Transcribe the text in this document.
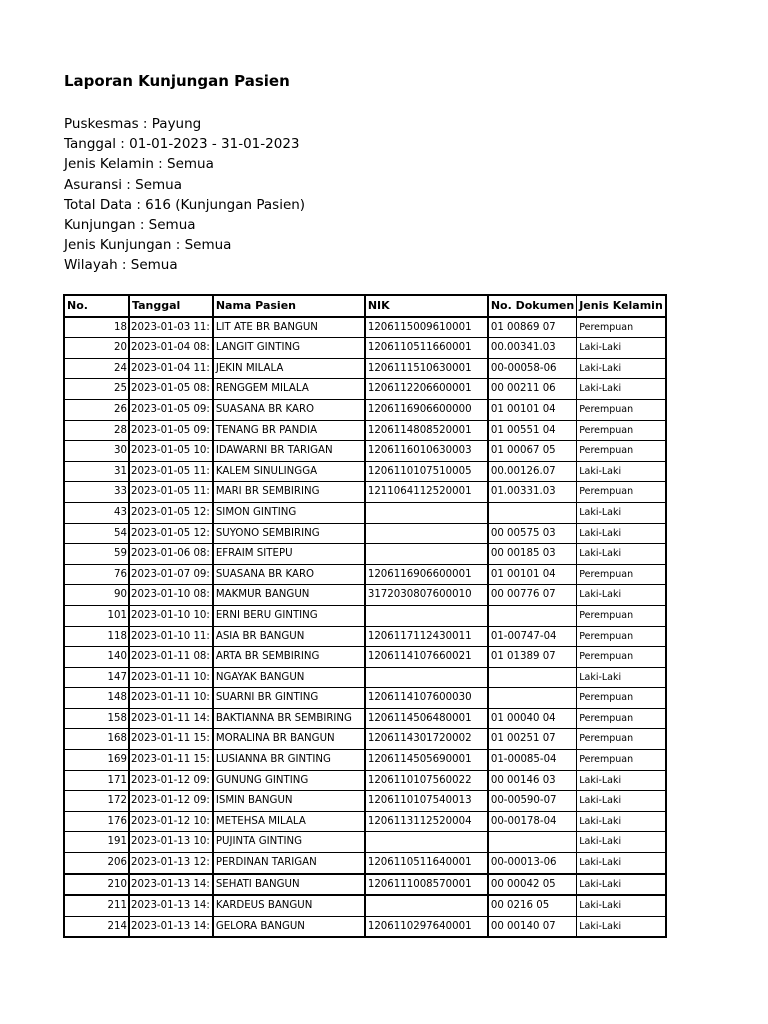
Laporan Kunjungan Pasien
Puskesmas : Payung
Tanggal : 01-01-2023 - 31-01-2023
Jenis Kelamin : Semua
Asuransi : Semua
Total Data : 616 (Kunjungan Pasien)
Kunjungan : Semua
Jenis Kunjungan : Semua
Wilayah : Semua
No.	Tanggal	Nama Pasien	NIK	No. Dokumen	Jenis Kelamin
18	2023-01-03 11:	LIT ATE BR BANGUN	1206115009610001	01 00869 07	Perempuan
20	2023-01-04 08:	LANGIT GINTING	1206110511660001	00.00341.03	Laki-Laki
24	2023-01-04 11:	JEKIN MILALA	1206111510630001	00-00058-06	Laki-Laki
25	2023-01-05 08:	RENGGEM MILALA	1206112206600001	00 00211 06	Laki-Laki
26	2023-01-05 09:	SUASANA BR KARO	1206116906600000	01 00101 04	Perempuan
28	2023-01-05 09:	TENANG BR PANDIA	1206114808520001	01 00551 04	Perempuan
30	2023-01-05 10:	IDAWARNI BR TARIGAN	1206116010630003	01 00067 05	Perempuan
31	2023-01-05 11:	KALEM SINULINGGA	1206110107510005	00.00126.07	Laki-Laki
33	2023-01-05 11:	MARI BR SEMBIRING	1211064112520001	01.00331.03	Perempuan
43	2023-01-05 12:	SIMON GINTING			Laki-Laki
54	2023-01-05 12:	SUYONO SEMBIRING		00 00575 03	Laki-Laki
59	2023-01-06 08:	EFRAIM SITEPU		00 00185 03	Laki-Laki
76	2023-01-07 09:	SUASANA BR KARO	1206116906600001	01 00101 04	Perempuan
90	2023-01-10 08:	MAKMUR BANGUN	3172030807600010	00 00776 07	Laki-Laki
101	2023-01-10 10:	ERNI BERU GINTING			Perempuan
118	2023-01-10 11:	ASIA BR BANGUN	1206117112430011	01-00747-04	Perempuan
140	2023-01-11 08:	ARTA BR SEMBIRING	1206114107660021	01 01389 07	Perempuan
147	2023-01-11 10:	NGAYAK BANGUN			Laki-Laki
148	2023-01-11 10:	SUARNI BR GINTING	1206114107600030		Perempuan
158	2023-01-11 14:	BAKTIANNA BR SEMBIRING	1206114506480001	01 00040 04	Perempuan
168	2023-01-11 15:	MORALINA BR BANGUN	1206114301720002	01 00251 07	Perempuan
169	2023-01-11 15:	LUSIANNA BR GINTING	1206114505690001	01-00085-04	Perempuan
171	2023-01-12 09:	GUNUNG GINTING	1206110107560022	00 00146 03	Laki-Laki
172	2023-01-12 09:	ISMIN BANGUN	1206110107540013	00-00590-07	Laki-Laki
176	2023-01-12 10:	METEHSA MILALA	1206113112520004	00-00178-04	Laki-Laki
191	2023-01-13 10:	PUJINTA GINTING			Laki-Laki
206	2023-01-13 12:	PERDINAN TARIGAN	1206110511640001	00-00013-06	Laki-Laki
210	2023-01-13 14:	SEHATI BANGUN	1206111008570001	00 00042 05	Laki-Laki
211	2023-01-13 14:	KARDEUS BANGUN		00 0216 05	Laki-Laki
214	2023-01-13 14:	GELORA BANGUN	1206110297640001	00 00140 07	Laki-Laki
